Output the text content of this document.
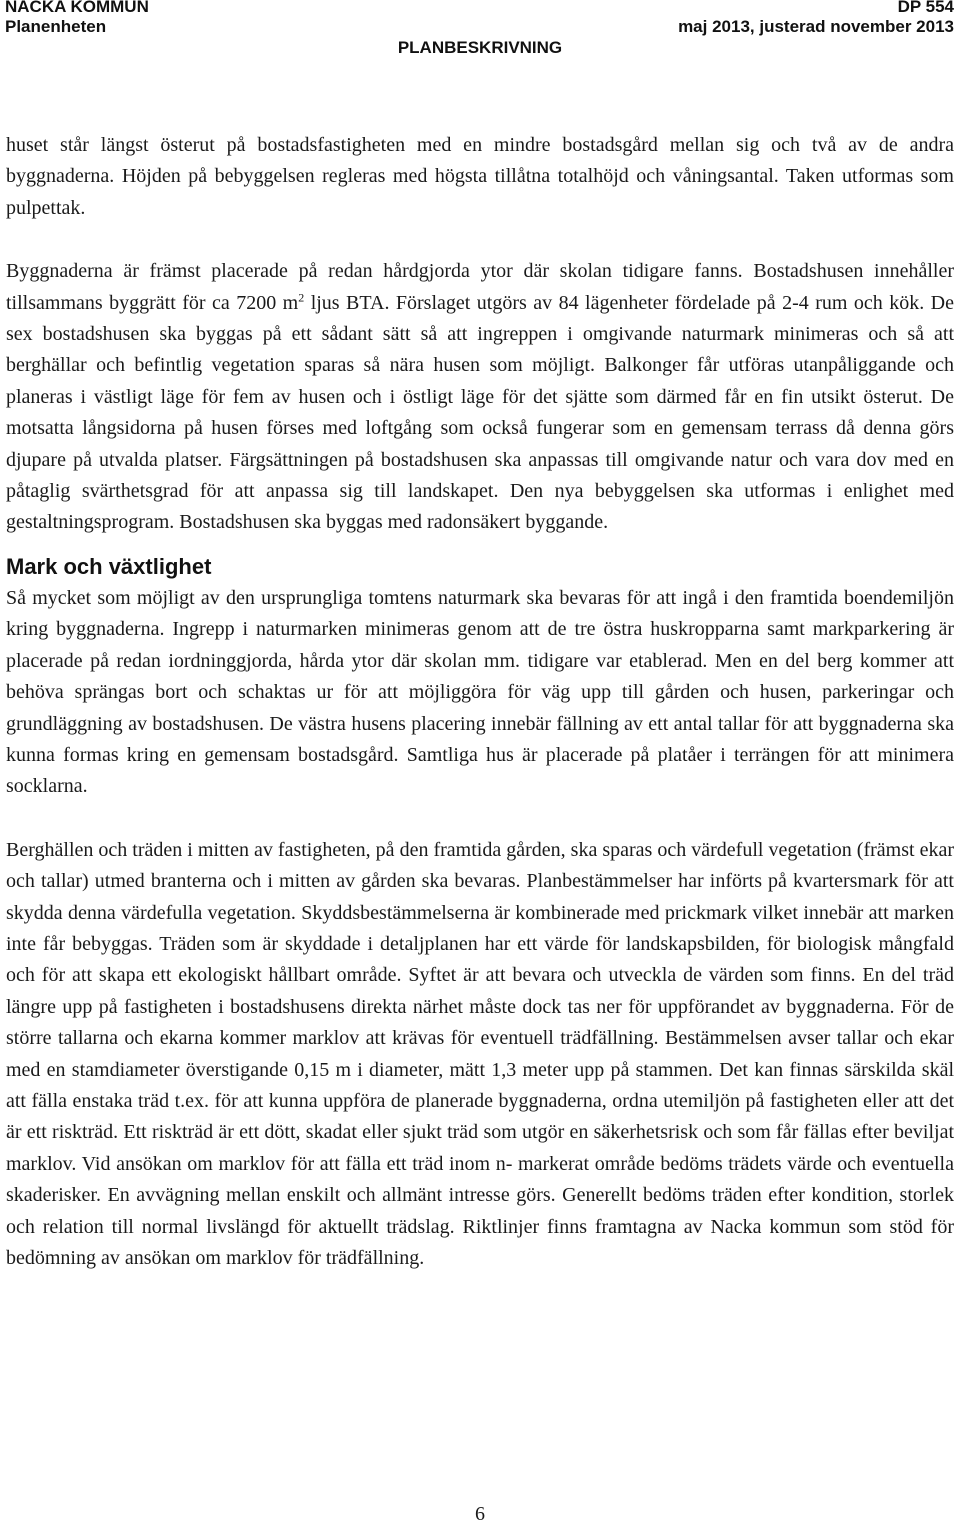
NACKA KOMMUN
Planenheten
DP 554
maj 2013, justerad november 2013
PLANBESKRIVNING

huset står längst österut på bostadsfastigheten med en mindre bostadsgård mellan sig och två av de andra byggnaderna. Höjden på bebyggelsen regleras med högsta tillåtna totalhöjd och våningsantal. Taken utformas som pulpettak.

Byggnaderna är främst placerade på redan hårdgjorda ytor där skolan tidigare fanns. Bostadshusen innehåller tillsammans byggrätt för ca 7200 $m^2$ ljus BTA. Förslaget utgörs av 84 lägenheter fördelade på 2-4 rum och kök. De sex bostadshusen ska byggas på ett sådant sätt så att ingreppen i omgivande naturmark minimeras och så att berghällar och befintlig vegetation sparas så nära husen som möjligt. Balkonger får utföras utanpåliggande och planeras i västligt läge för fem av husen och i östligt läge för det sjätte som därmed får en fin utsikt österut. De motsatta långsidorna på husen förses med loftgång som också fungerar som en gemensam terrass då denna görs djupare på utvalda platser. Färgsättningen på bostadshusen ska anpassas till omgivande natur och vara dov med en påtaglig svärthetsgrad för att anpassa sig till landskapet. Den nya bebyggelsen ska utformas i enlighet med gestaltningsprogram. Bostadshusen ska byggas med radonsäkert byggande.

Mark och växtlighet

Så mycket som möjligt av den ursprungliga tomtens naturmark ska bevaras för att ingå i den framtida boendemiljön kring byggnaderna. Ingrepp i naturmarken minimeras genom att de tre östra huskropparna samt markparkering är placerade på redan iordninggjorda, hårda ytor där skolan mm. tidigare var etablerad. Men en del berg kommer att behöva sprängas bort och schaktas ur för att möjliggöra för väg upp till gården och husen, parkeringar och grundläggning av bostadshusen. De västra husens placering innebär fällning av ett antal tallar för att byggnaderna ska kunna formas kring en gemensam bostadsgård. Samtliga hus är placerade på platåer i terrängen för att minimera socklarna.

Berghällen och träden i mitten av fastigheten, på den framtida gården, ska sparas och värdefull vegetation (främst ekar och tallar) utmed branterna och i mitten av gården ska bevaras. Planbestämmelser har införts på kvartersmark för att skydda denna värdefulla vegetation. Skyddsbestämmelserna är kombinerade med prickmark vilket innebär att marken inte får bebyggas. Träden som är skyddade i detaljplanen har ett värde för landskapsbilden, för biologisk mångfald och för att skapa ett ekologiskt hållbart område. Syftet är att bevara och utveckla de värden som finns. En del träd längre upp på fastigheten i bostadshusens direkta närhet måste dock tas ner för uppförandet av byggnaderna. För de större tallarna och ekarna kommer marklov att krävas för eventuell trädfällning. Bestämmelsen avser tallar och ekar med en stamdiameter överstigande 0,15 m i diameter, mätt 1,3 meter upp på stammen. Det kan finnas särskilda skäl att fälla enstaka träd t.ex. för att kunna uppföra de planerade byggnaderna, ordna utemiljön på fastigheten eller att det är ett riskträd. Ett riskträd är ett dött, skadat eller sjukt träd som utgör en säkerhetsrisk och som får fällas efter beviljat marklov. Vid ansökan om marklov för att fälla ett träd inom n- markerat område bedöms trädets värde och eventuella skaderisker. En avvägning mellan enskilt och allmänt intresse görs. Generellt bedöms träden efter kondition, storlek och relation till normal livslängd för aktuellt trädslag. Riktlinjer finns framtagna av Nacka kommun som stöd för bedömning av ansökan om marklov för trädfällning.

6
